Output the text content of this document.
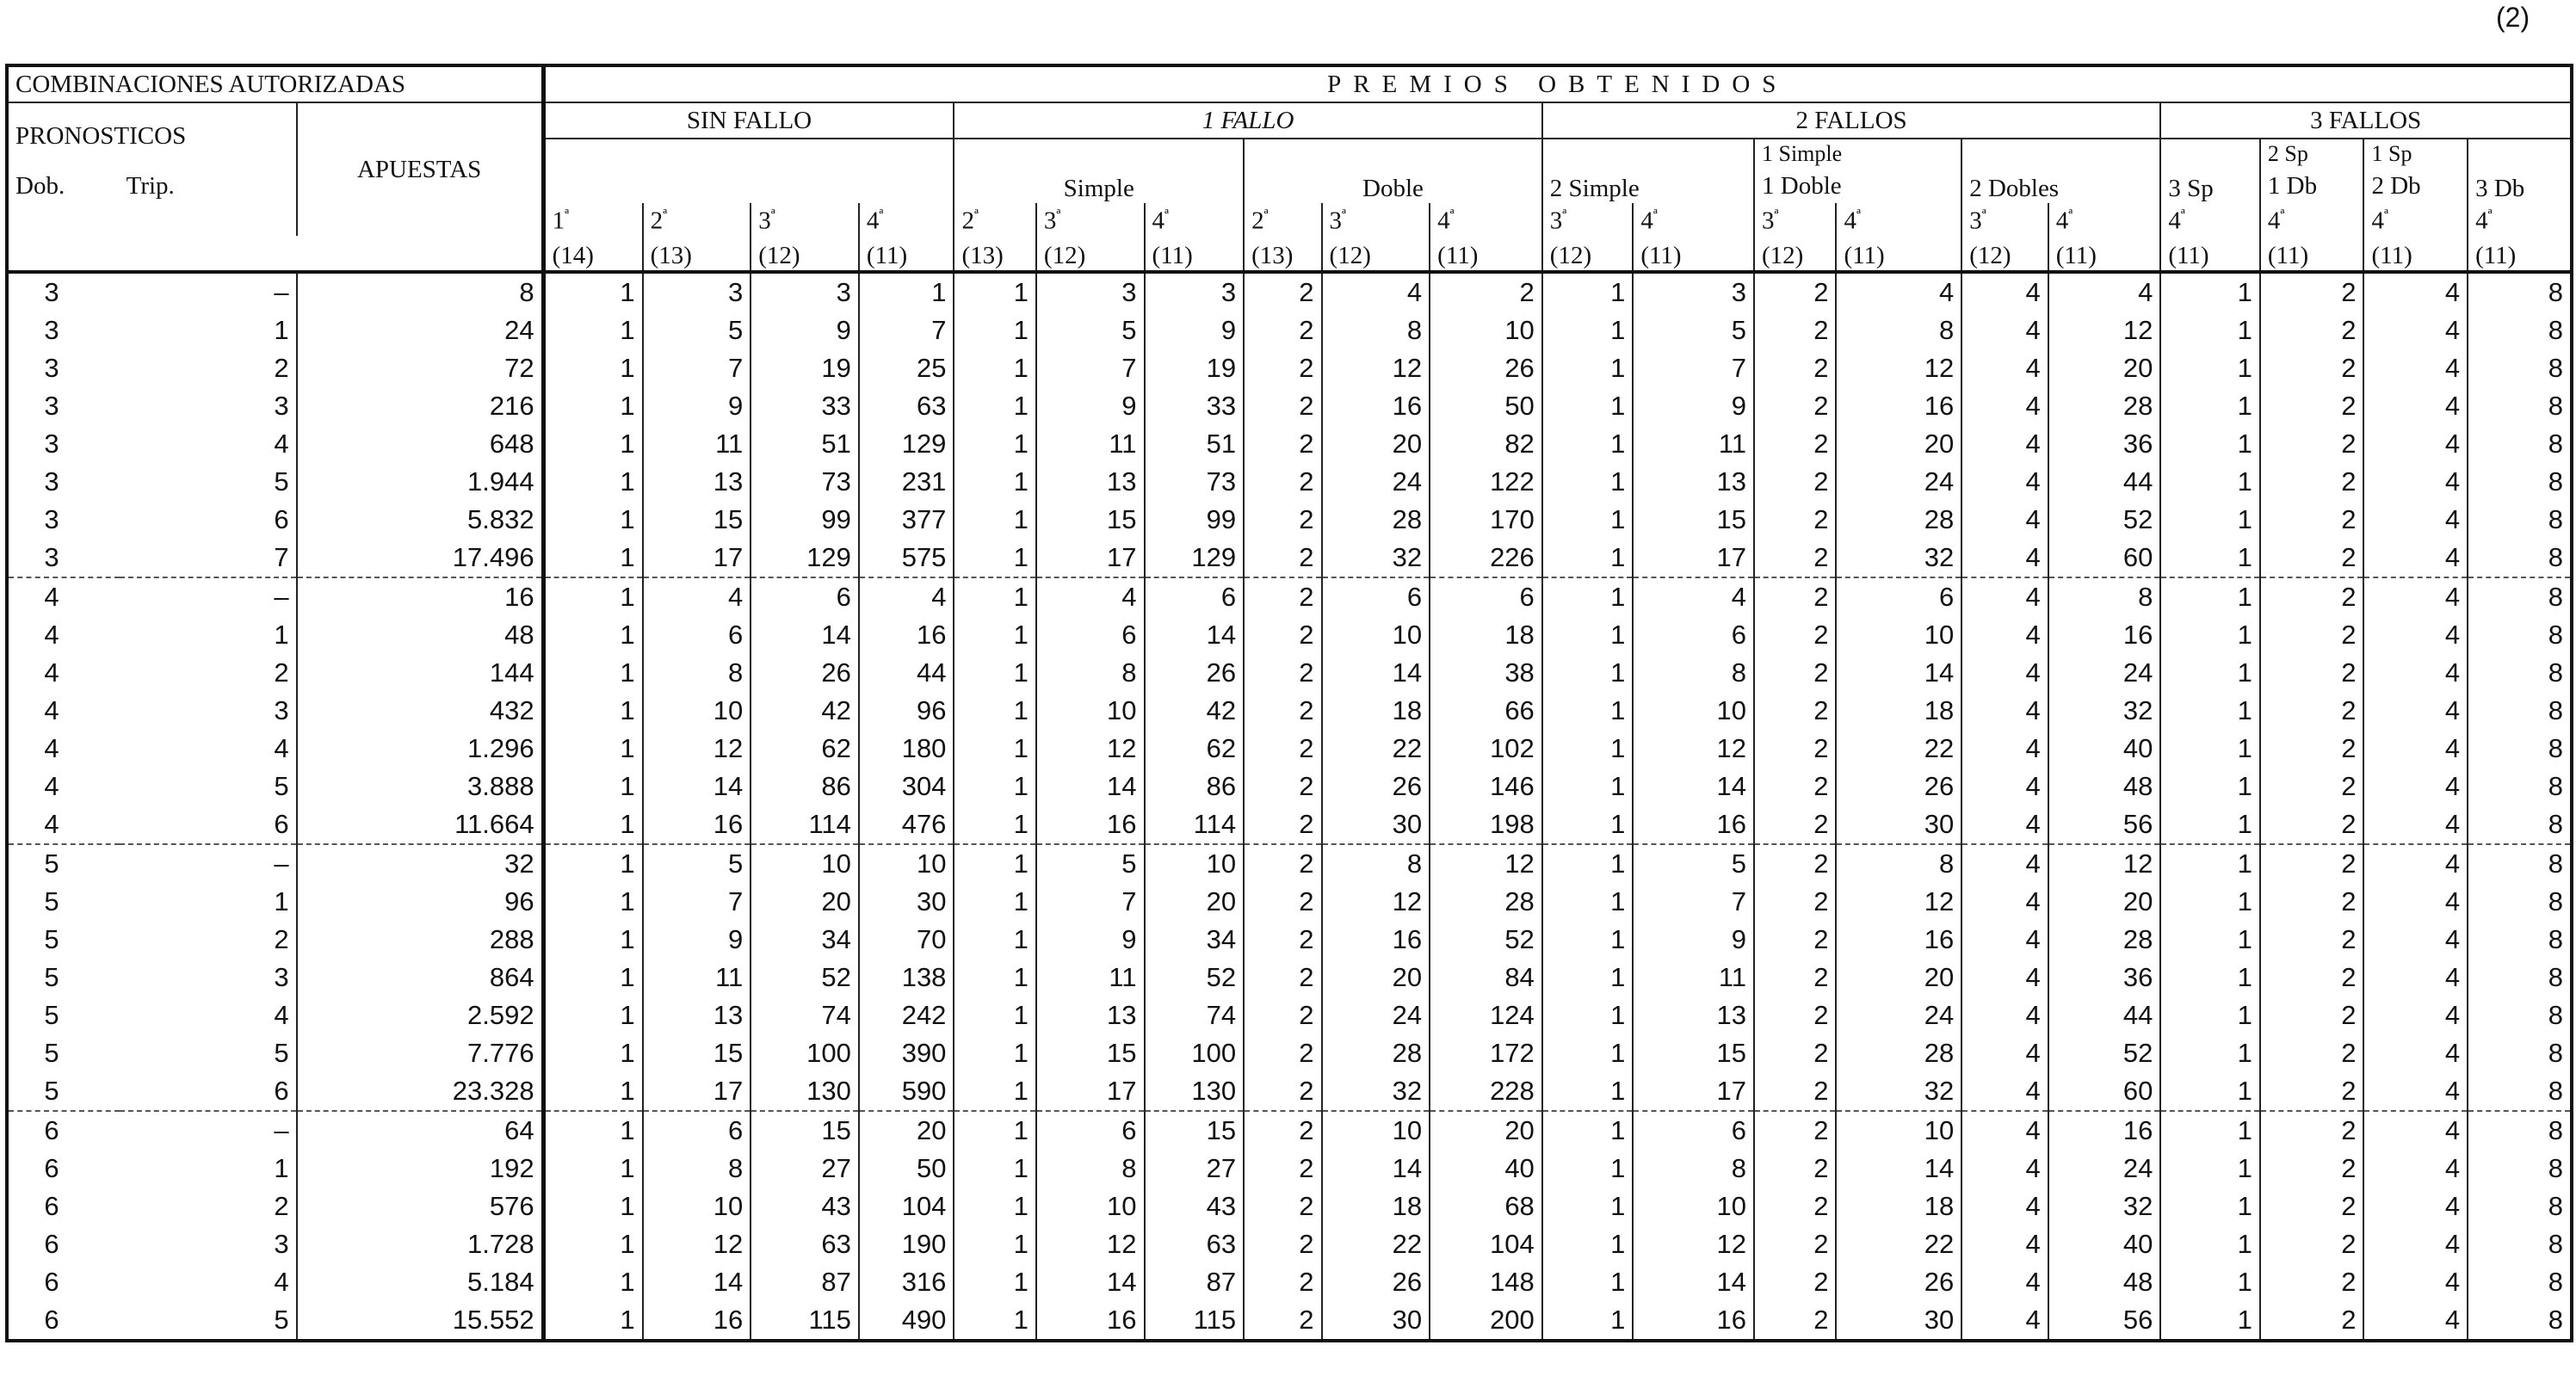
(2)
COMBINACIONES AUTORIZADAS			PREMIOS OBTENIDOS																			
PRONOSTICOS		APUESTAS	SIN FALLO				1 FALLO						2 FALLOS						3 FALLOS			
							Simple			Doble			2 Simple		1 Simple		2 Dobles		3 Sp	2 Sp	1 Sp	3 Db
Dob.	Trip.														1 Doble					1 Db	2 Db	
			$1^ª$	$2^ª$	$3^ª$	$4^ª$	$2^ª$	$3^ª$	$4^ª$	$2^ª$	$3^ª$	$4^ª$	$3^ª$	$4^ª$	$3^ª$	$4^ª$	$3^ª$	$4^ª$	$4^ª$	$4^ª$	$4^ª$	$4^ª$
			(14)	(13)	(12)	(11)	(13)	(12)	(11)	(13)	(12)	(11)	(12)	(11)	(12)	(11)	(12)	(11)	(11)	(11)	(11)	(11)
3	–	8	1	3	3	1	1	3	3	2	4	2	1	3	2	4	4	4	1	2	4	8
3	1	24	1	5	9	7	1	5	9	2	8	10	1	5	2	8	4	12	1	2	4	8
3	2	72	1	7	19	25	1	7	19	2	12	26	1	7	2	12	4	20	1	2	4	8
3	3	216	1	9	33	63	1	9	33	2	16	50	1	9	2	16	4	28	1	2	4	8
3	4	648	1	11	51	129	1	11	51	2	20	82	1	11	2	20	4	36	1	2	4	8
3	5	1.944	1	13	73	231	1	13	73	2	24	122	1	13	2	24	4	44	1	2	4	8
3	6	5.832	1	15	99	377	1	15	99	2	28	170	1	15	2	28	4	52	1	2	4	8
3	7	17.496	1	17	129	575	1	17	129	2	32	226	1	17	2	32	4	60	1	2	4	8
4	–	16	1	4	6	4	1	4	6	2	6	6	1	4	2	6	4	8	1	2	4	8
4	1	48	1	6	14	16	1	6	14	2	10	18	1	6	2	10	4	16	1	2	4	8
4	2	144	1	8	26	44	1	8	26	2	14	38	1	8	2	14	4	24	1	2	4	8
4	3	432	1	10	42	96	1	10	42	2	18	66	1	10	2	18	4	32	1	2	4	8
4	4	1.296	1	12	62	180	1	12	62	2	22	102	1	12	2	22	4	40	1	2	4	8
4	5	3.888	1	14	86	304	1	14	86	2	26	146	1	14	2	26	4	48	1	2	4	8
4	6	11.664	1	16	114	476	1	16	114	2	30	198	1	16	2	30	4	56	1	2	4	8
5	–	32	1	5	10	10	1	5	10	2	8	12	1	5	2	8	4	12	1	2	4	8
5	1	96	1	7	20	30	1	7	20	2	12	28	1	7	2	12	4	20	1	2	4	8
5	2	288	1	9	34	70	1	9	34	2	16	52	1	9	2	16	4	28	1	2	4	8
5	3	864	1	11	52	138	1	11	52	2	20	84	1	11	2	20	4	36	1	2	4	8
5	4	2.592	1	13	74	242	1	13	74	2	24	124	1	13	2	24	4	44	1	2	4	8
5	5	7.776	1	15	100	390	1	15	100	2	28	172	1	15	2	28	4	52	1	2	4	8
5	6	23.328	1	17	130	590	1	17	130	2	32	228	1	17	2	32	4	60	1	2	4	8
6	–	64	1	6	15	20	1	6	15	2	10	20	1	6	2	10	4	16	1	2	4	8
6	1	192	1	8	27	50	1	8	27	2	14	40	1	8	2	14	4	24	1	2	4	8
6	2	576	1	10	43	104	1	10	43	2	18	68	1	10	2	18	4	32	1	2	4	8
6	3	1.728	1	12	63	190	1	12	63	2	22	104	1	12	2	22	4	40	1	2	4	8
6	4	5.184	1	14	87	316	1	14	87	2	26	148	1	14	2	26	4	48	1	2	4	8
6	5	15.552	1	16	115	490	1	16	115	2	30	200	1	16	2	30	4	56	1	2	4	8
